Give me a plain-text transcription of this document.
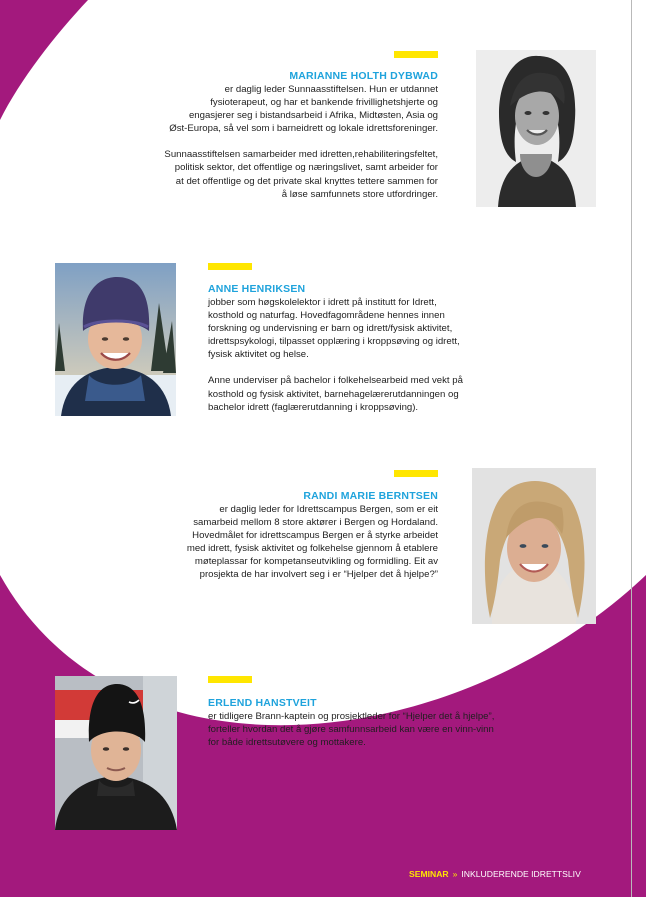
MARIANNE HOLTH DYBWAD

er daglig leder Sunnaasstiftelsen. Hun er utdannet
fysioterapeut, og har et bankende frivillighetshjerte og
engasjerer seg i bistandsarbeid i Afrika, Midtøsten, Asia og
Øst-Europa, så vel som i barneidrett og lokale idrettsforeninger.

Sunnaasstiftelsen samarbeider med idretten,rehabiliteringsfeltet,
politisk sektor, det offentlige og næringslivet, samt arbeider for
at det offentlige og det private skal knyttes tettere sammen for
å løse samfunnets store utfordringer.

ANNE HENRIKSEN

jobber som høgskolelektor i idrett på institutt for Idrett,
kosthold og naturfag. Hovedfagområdene hennes innen
forskning og undervisning er barn og idrett/fysisk aktivitet,
idrettspsykologi, tilpasset opplæring i kroppsøving og idrett,
fysisk aktivitet og helse.

Anne underviser på bachelor i folkehelsearbeid med vekt på
kosthold og fysisk aktivitet, barnehagelærerutdanningen og
bachelor idrett (faglærerutdanning i kroppsøving).

RANDI MARIE BERNTSEN

er daglig leder for Idrettscampus Bergen, som er eit
samarbeid mellom 8 store aktører i Bergen og Hordaland.
Hovedmålet for idrettscampus Bergen er å styrke arbeidet
med idrett, fysisk aktivitet og folkehelse gjennom å etablere
møteplassar for kompetanseutvikling og formidling. Eit av
prosjekta de har involvert seg i er “Hjelper det å hjelpe?”

ERLEND HANSTVEIT

er tidligere Brann-kaptein og prosjektleder for “Hjelper det å hjelpe”,
forteller hvordan det å gjøre samfunnsarbeid kan være en vinn-vinn
for både idrettsutøvere og mottakere.

SEMINAR » INKLUDERENDE IDRETTSLIV
